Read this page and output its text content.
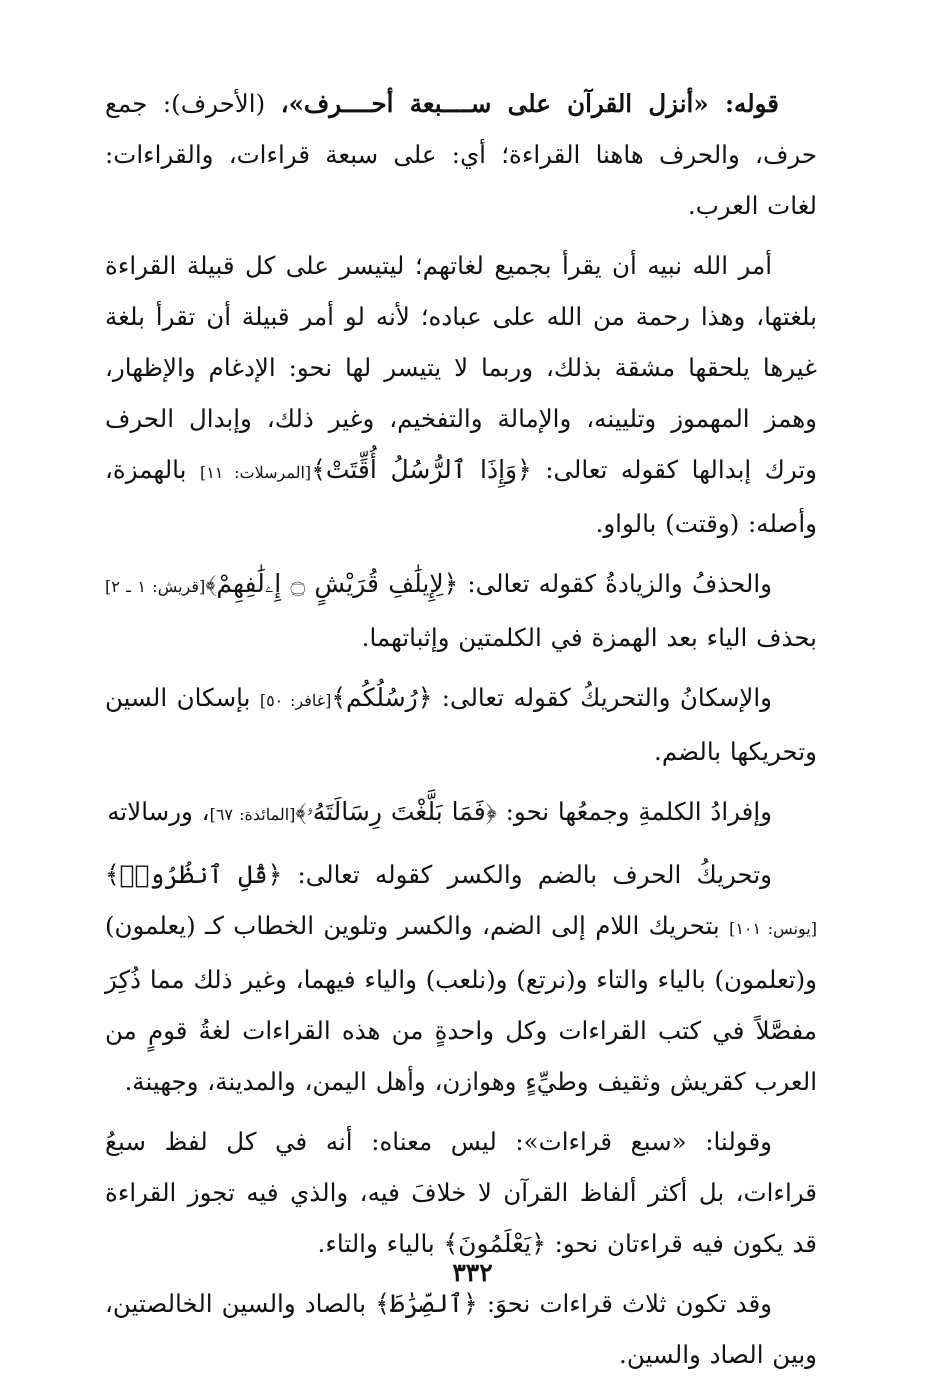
قوله: «أنزل القرآن على ســــبعة أحــــرف»، (الأحرف): جمع حرف، والحرف هاهنا القراءة؛ أي: على سبعة قراءات، والقراءات: لغات العرب.

أمر الله نبيه أن يقرأ بجميع لغاتهم؛ ليتيسر على كل قبيلة القراءة بلغتها، وهذا رحمة من الله على عباده؛ لأنه لو أمر قبيلة أن تقرأ بلغة غيرها يلحقها مشقة بذلك، وربما لا يتيسر لها نحو: الإدغام والإظهار، وهمز المهموز وتليينه، والإمالة والتفخيم، وغير ذلك، وإبدال الحرف وترك إبدالها كقوله تعالى: ﴿وَإِذَا ٱلرُّسُلُ أُقِّتَتْ﴾[المرسلات: ١١] بالهمزة، وأصله: (وقتت) بالواو.

والحذفُ والزيادةُ كقوله تعالى: ﴿لِإِيلَٰفِ قُرَيْشٍ ۝ إِۦلَٰفِهِمْ﴾[قريش: ١ ـ ٢] بحذف الياء بعد الهمزة في الكلمتين وإثباتهما.

والإسكانُ والتحريكُ كقوله تعالى: ﴿رُسُلُكُم﴾[غافر: ٥٠] بإسكان السين وتحريكها بالضم.

وإفرادُ الكلمةِ وجمعُها نحو: ﴿فَمَا بَلَّغْتَ رِسَالَتَهُۥ﴾[المائدة: ٦٧]، ورسالاته

وتحريكُ الحرف بالضم والكسر كقوله تعالى: ﴿قُلِ ٱنظُرُوا۟﴾[يونس: ١٠١] بتحريك اللام إلى الضم، والكسر وتلوين الخطاب كـ (يعلمون) و(تعلمون) بالياء والتاء و(نرتع) و(نلعب) والياء فيهما، وغير ذلك مما ذُكِرَ مفصَّلاً في كتب القراءات وكل واحدةٍ من هذه القراءات لغةُ قومٍ من العرب كقريش وثقيف وطيِّءٍ وهوازن، وأهل اليمن، والمدينة، وجهينة.

وقولنا: «سبع قراءات»: ليس معناه: أنه في كل لفظ سبعُ قراءات، بل أكثر ألفاظ القرآن لا خلافَ فيه، والذي فيه تجوز القراءة قد يكون فيه قراءتان نحو: ﴿يَعْلَمُونَ﴾ بالياء والتاء.

وقد تكون ثلاث قراءات نحوَ: ﴿ٱلصِّرَٰطَ﴾ بالصاد والسين الخالصتين، وبين الصاد والسين.

٣٣٢
